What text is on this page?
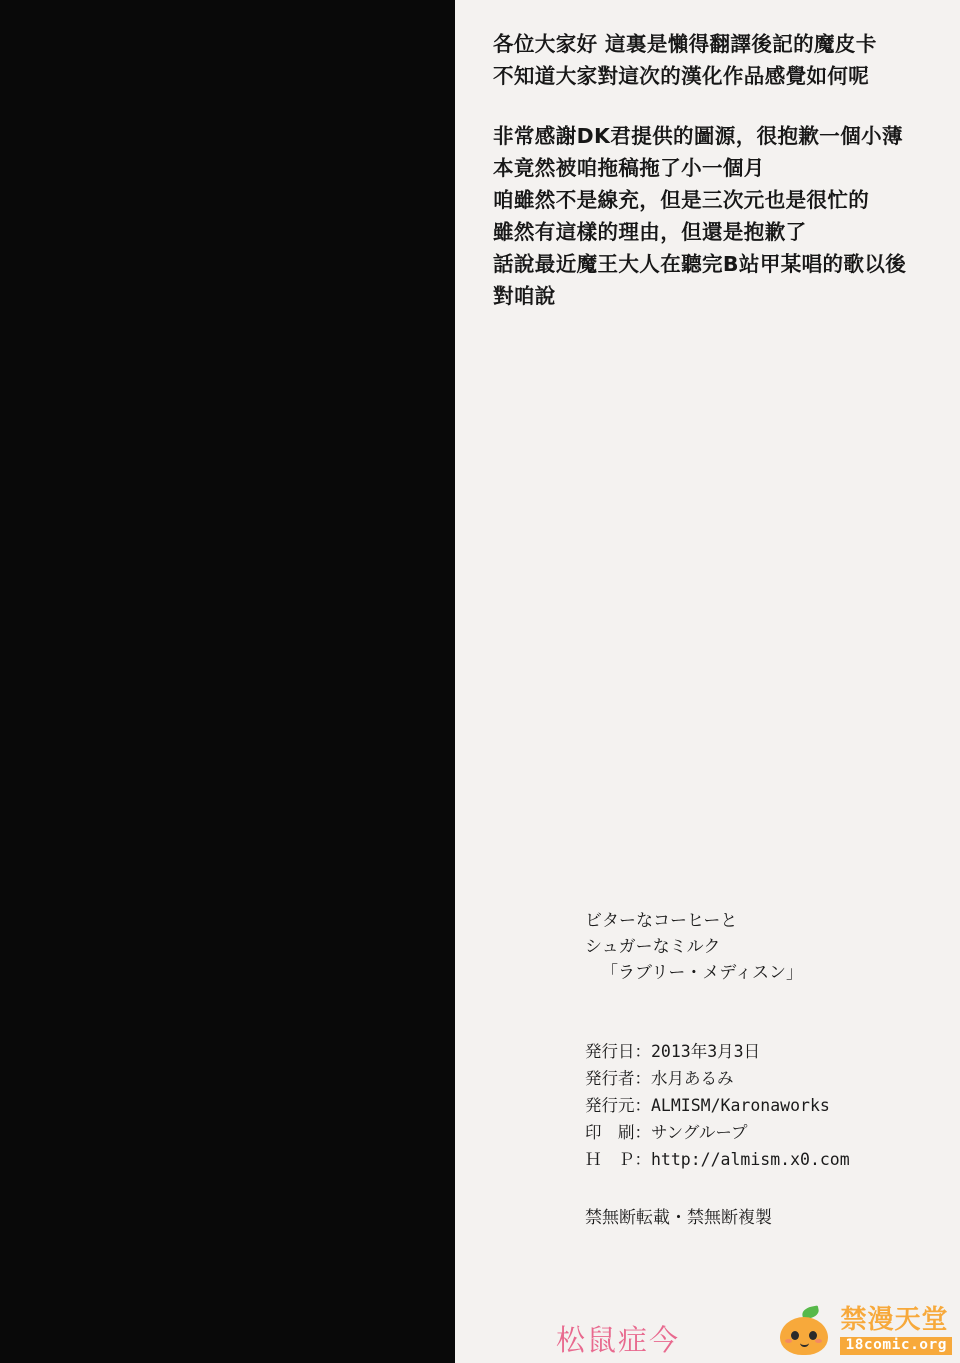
各位大家好 這裏是懶得翻譯後記的魔皮卡
不知道大家對這次的漢化作品感覺如何呢
非常感謝DK君提供的圖源，很抱歉一個小薄
本竟然被咱拖稿拖了小一個月
咱雖然不是線充，但是三次元也是很忙的
雖然有這樣的理由，但還是抱歉了
話說最近魔王大人在聽完B站甲某唱的歌以後
對咱說
ビターなコーヒーと
シュガーなミルク
「ラブリー・メディスン」
発行日：2013年3月3日
発行者：水月あるみ
発行元：ALMISM/Karonaworks
印　刷：サングループ
Ｈ　Ｐ：http://almism.x0.com
禁無断転載・禁無断複製
松鼠症今
禁漫天堂
18comic.org
